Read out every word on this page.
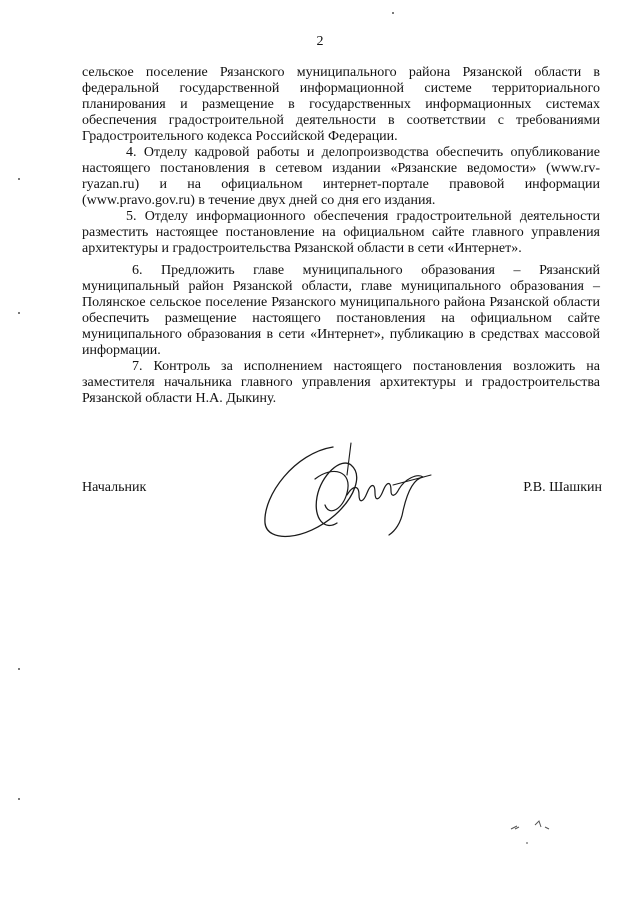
2

сельское поселение Рязанского муниципального района Рязанской области в федеральной государственной информационной системе территориального планирования и размещение в государственных информационных системах обеспечения градостроительной деятельности в соответствии с требованиями Градостроительного кодекса Российской Федерации.

4. Отделу кадровой работы и делопроизводства обеспечить опубликование настоящего постановления в сетевом издании «Рязанские ведомости» (www.rv-ryazan.ru) и на официальном интернет-портале правовой информации (www.pravo.gov.ru) в течение двух дней со дня его издания.

5. Отделу информационного обеспечения градостроительной деятельности разместить настоящее постановление на официальном сайте главного управления архитектуры и градостроительства Рязанской области в сети «Интернет».

6. Предложить главе муниципального образования – Рязанский муниципальный район Рязанской области, главе муниципального образования – Полянское сельское поселение Рязанского муниципального района Рязанской области обеспечить размещение настоящего постановления на официальном сайте муниципального образования в сети «Интернет», публикацию в средствах массовой информации.

7. Контроль за исполнением настоящего постановления возложить на заместителя начальника главного управления архитектуры и градостроительства Рязанской области Н.А. Дыкину.

Начальник	Р.В. Шашкин
